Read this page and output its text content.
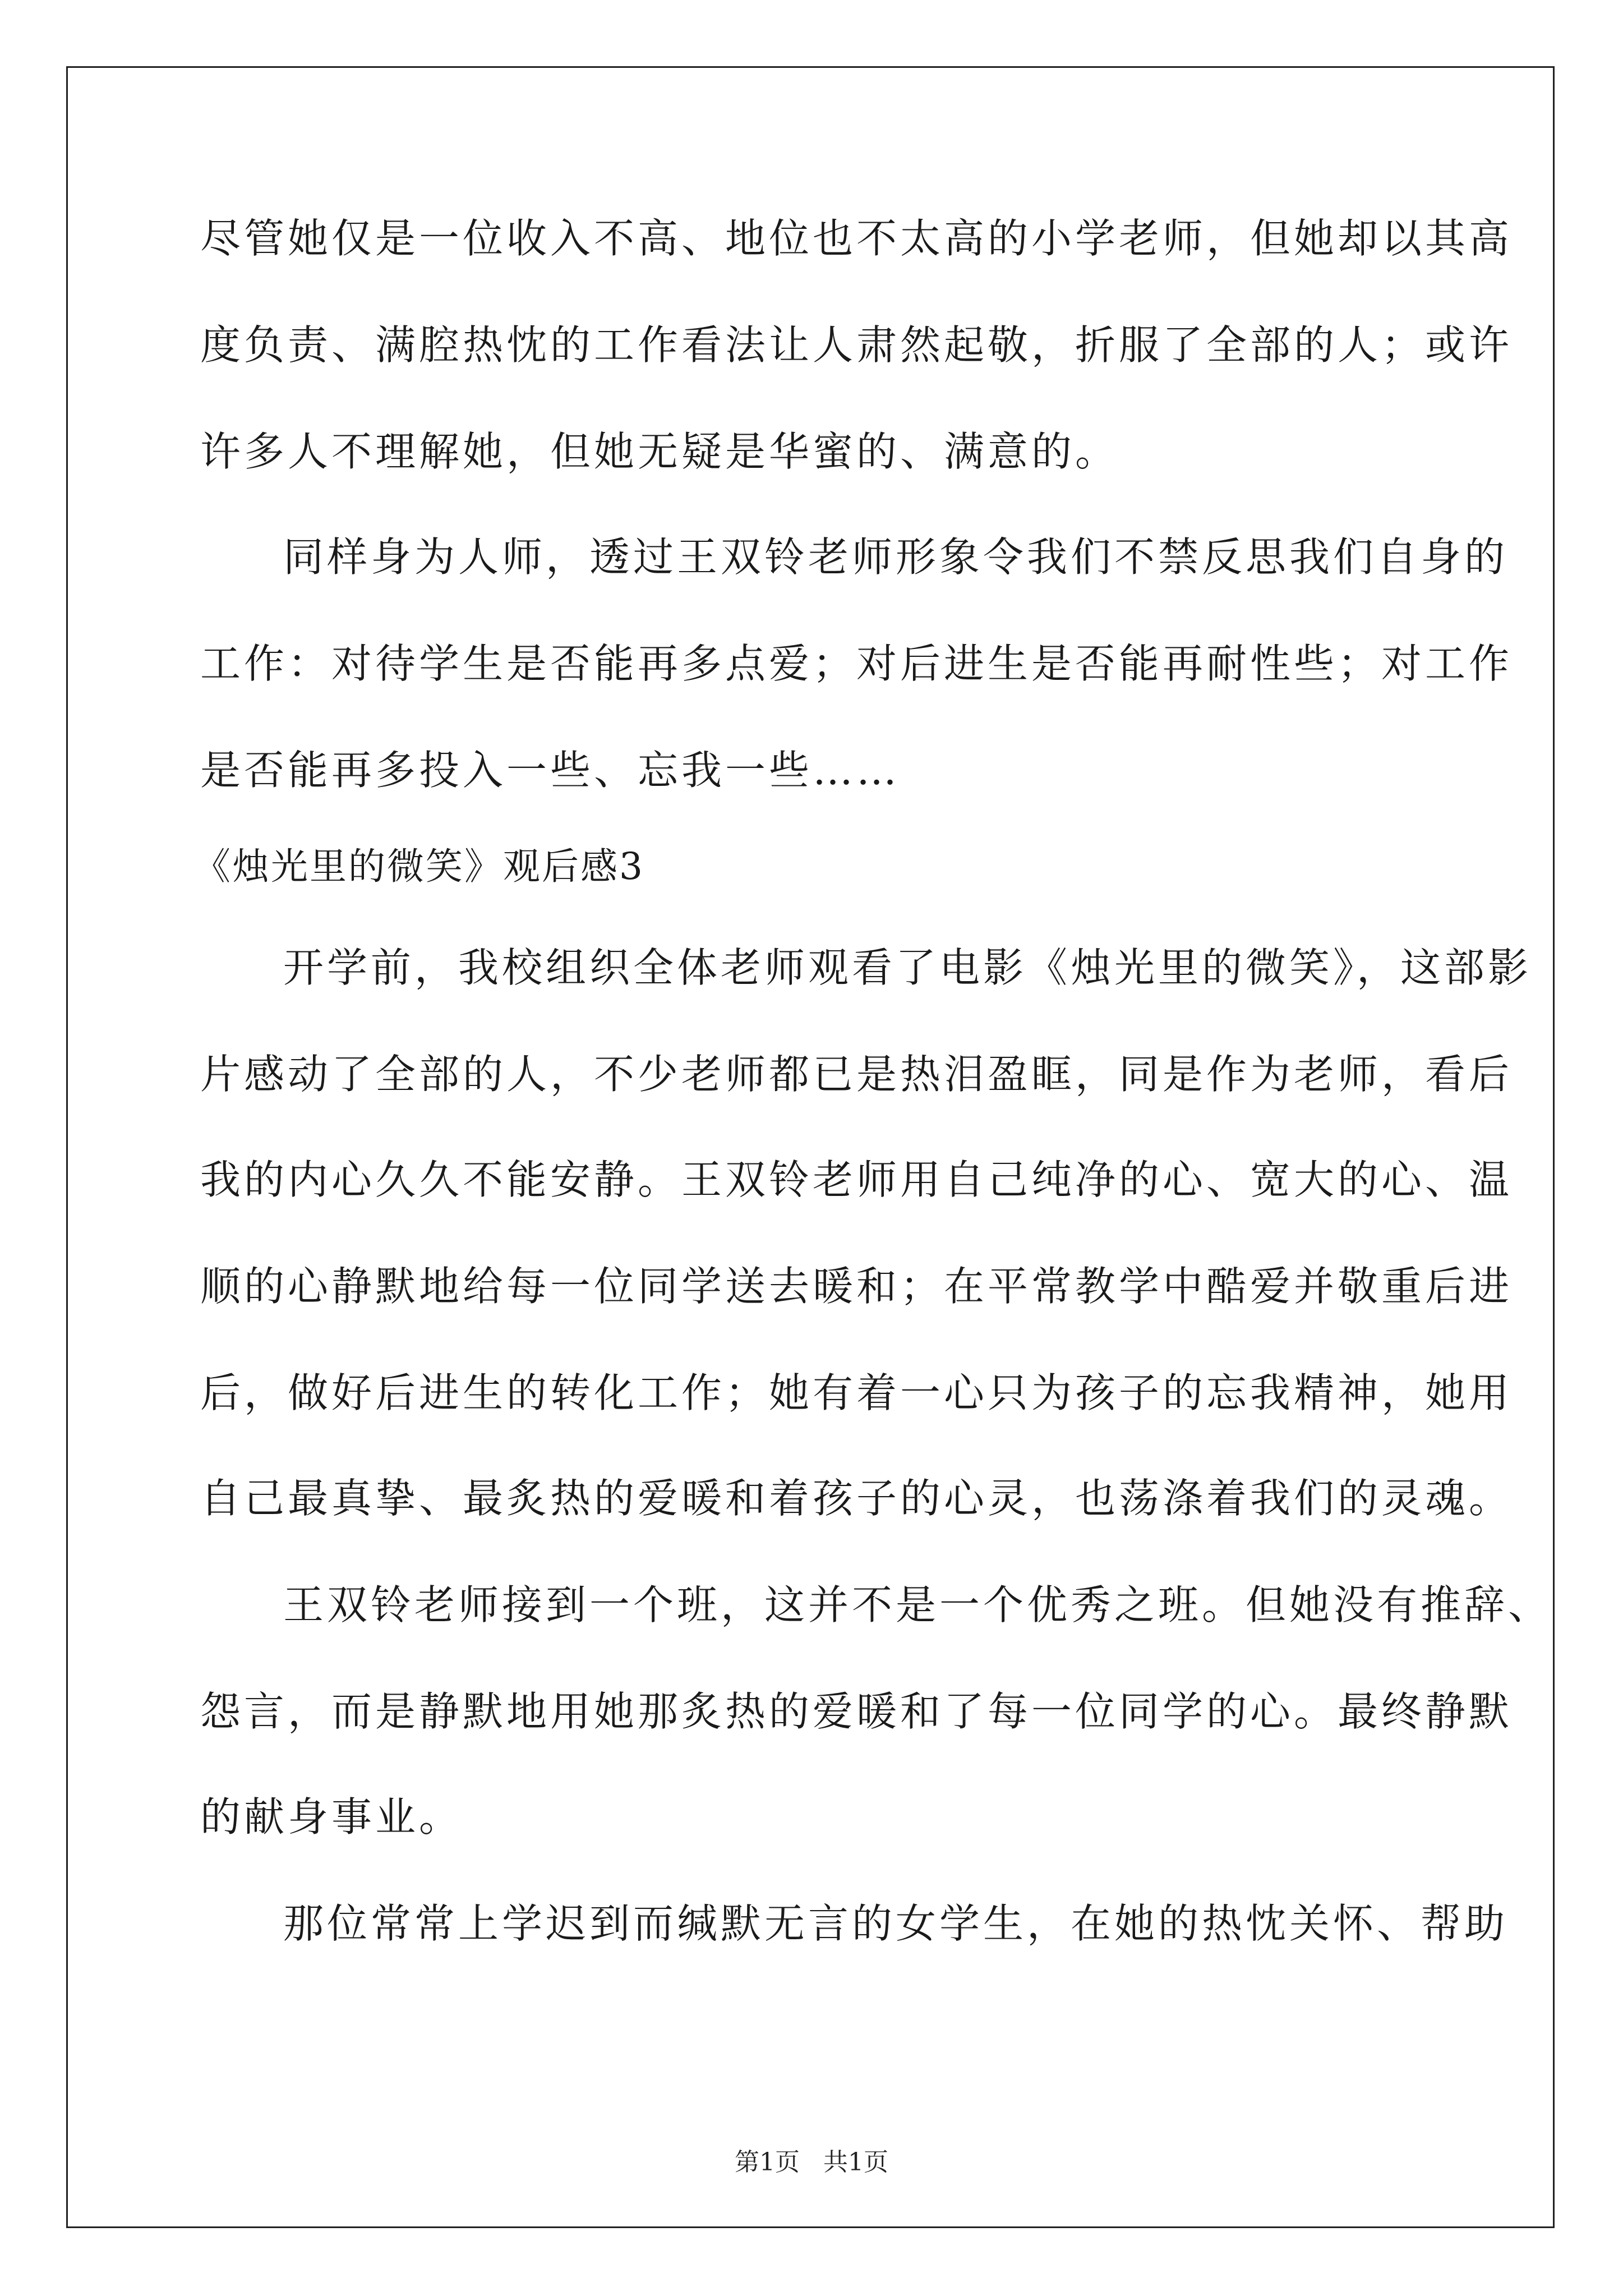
尽管她仅是一位收入不高、地位也不太高的小学老师，但她却以其高
度负责、满腔热忱的工作看法让人肃然起敬，折服了全部的人；或许
许多人不理解她，但她无疑是华蜜的、满意的。
同样身为人师，透过王双铃老师形象令我们不禁反思我们自身的
工作：对待学生是否能再多点爱；对后进生是否能再耐性些；对工作
是否能再多投入一些、忘我一些……
《烛光里的微笑》观后感3
开学前，我校组织全体老师观看了电影《烛光里的微笑》，这部影
片感动了全部的人，不少老师都已是热泪盈眶，同是作为老师，看后
我的内心久久不能安静。王双铃老师用自己纯净的心、宽大的心、温
顺的心静默地给每一位同学送去暖和；在平常教学中酷爱并敬重后进
后，做好后进生的转化工作；她有着一心只为孩子的忘我精神，她用
自己最真挚、最炙热的爱暖和着孩子的心灵，也荡涤着我们的灵魂。
王双铃老师接到一个班，这并不是一个优秀之班。但她没有推辞、
怨言，而是静默地用她那炙热的爱暖和了每一位同学的心。最终静默
的献身事业。
那位常常上学迟到而缄默无言的女学生，在她的热忱关怀、帮助
第1页 共1页
